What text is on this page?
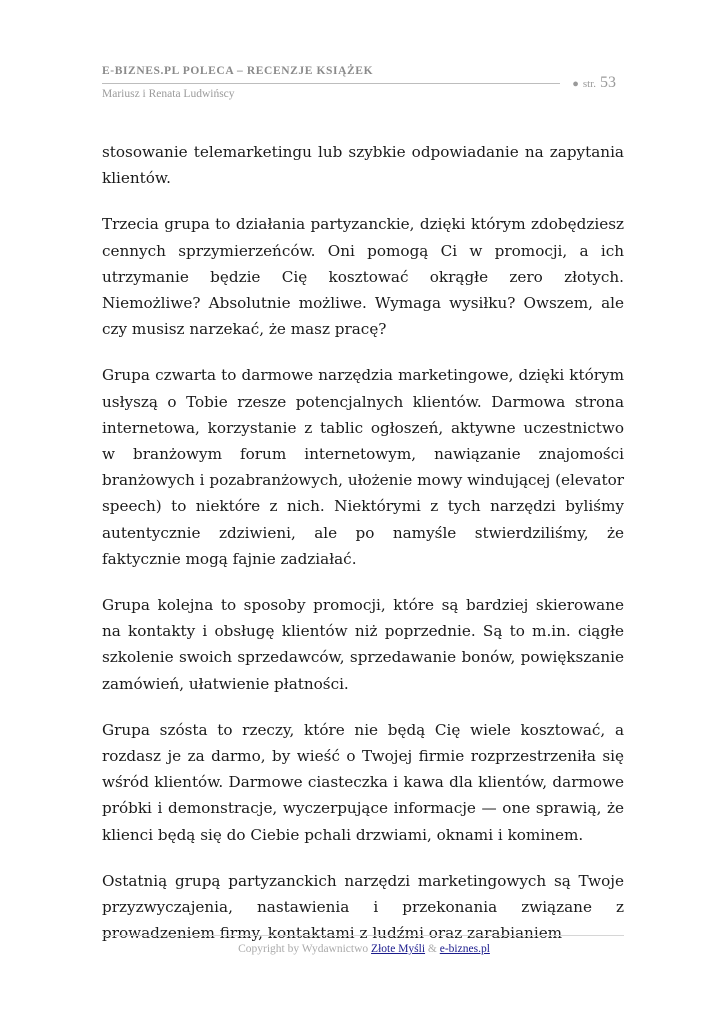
E-BIZNES.PL POLECA – RECENZJE KSIĄŻEK
Mariusz i Renata Ludwińscy
● str. 53

stosowanie telemarketingu lub szybkie odpowiadanie na zapytania klientów.

Trzecia grupa to działania partyzanckie, dzięki którym zdobędziesz cennych sprzymierzeńców. Oni pomogą Ci w promocji, a ich utrzymanie będzie Cię kosztować okrągłe zero złotych. Niemożliwe? Absolutnie możliwe. Wymaga wysiłku? Owszem, ale czy musisz narzekać, że masz pracę?

Grupa czwarta to darmowe narzędzia marketingowe, dzięki którym usłyszą o Tobie rzesze potencjalnych klientów. Darmowa strona internetowa, korzystanie z tablic ogłoszeń, aktywne uczestnictwo w branżowym forum internetowym, nawiązanie znajomości branżowych i pozabranżowych, ułożenie mowy windującej (elevator speech) to niektóre z nich. Niektórymi z tych narzędzi byliśmy autentycznie zdziwieni, ale po namyśle stwierdziliśmy, że faktycznie mogą fajnie zadziałać.

Grupa kolejna to sposoby promocji, które są bardziej skierowane na kontakty i obsługę klientów niż poprzednie. Są to m.in. ciągłe szkolenie swoich sprzedawców, sprzedawanie bonów, powiększanie zamówień, ułatwienie płatności.

Grupa szósta to rzeczy, które nie będą Cię wiele kosztować, a rozdasz je za darmo, by wieść o Twojej firmie rozprzestrzeniła się wśród klientów. Darmowe ciasteczka i kawa dla klientów, darmowe próbki i demonstracje, wyczerpujące informacje — one sprawią, że klienci będą się do Ciebie pchali drzwiami, oknami i kominem.

Ostatnią grupą partyzanckich narzędzi marketingowych są Twoje przyzwyczajenia, nastawienia i przekonania związane z prowadzeniem firmy, kontaktami z ludźmi oraz zarabianiem

Copyright by Wydawnictwo Złote Myśli & e-biznes.pl
